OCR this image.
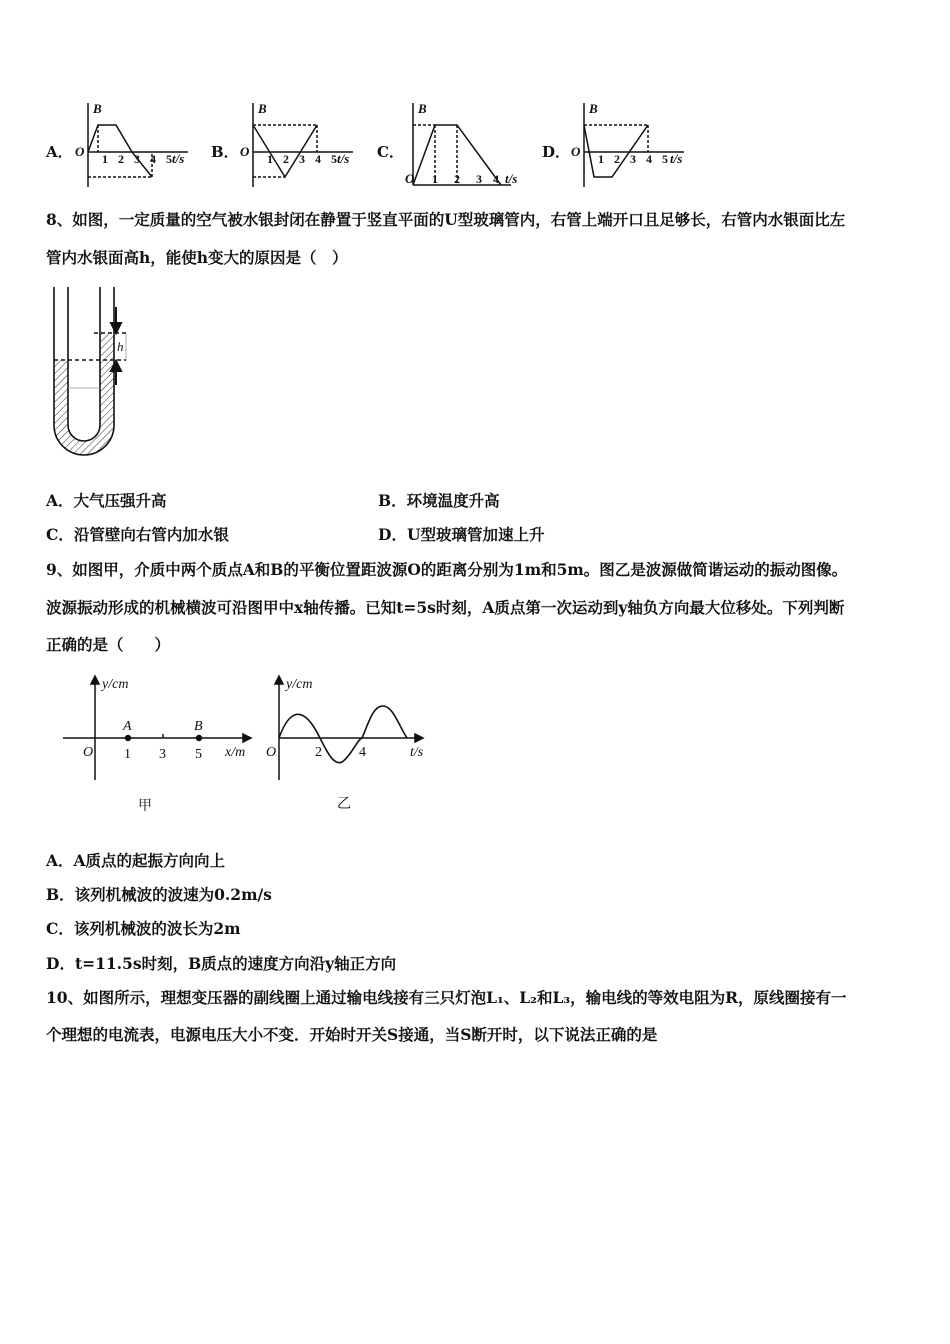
A．	B．	C．	D．
B
O	t/s
B
O	t/s
B
O	t/s
B
O	t/s
1 2 3 4 5	1 2 3 4 5
1 2 3 4
1 2 3 4 5
8、如图，一定质量的空气被水银封闭在静置于竖直平面的U型玻璃管内，右管上端开口且足够长，右管内水银面比左
管内水银面高h，能使h变大的原因是（　）
h
A．大气压强升高	B．环境温度升高
C．沿管壁向右管内加水银	D．U型玻璃管加速上升
9、如图甲，介质中两个质点A和B的平衡位置距波源O的距离分别为1m和5m。图乙是波源做简谐运动的振动图像。
波源振动形成的机械横波可沿图甲中x轴传播。已知t=5s时刻，A质点第一次运动到y轴负方向最大位移处。下列判断
正确的是（　　）
y/cm
O
A	B
1 3 5 x/m
甲
y/cm
O	2	4	t/s
乙
A．A质点的起振方向向上
B．该列机械波的波速为0.2m/s
C．该列机械波的波长为2m
D．t=11.5s时刻，B质点的速度方向沿y轴正方向
10、如图所示，理想变压器的副线圈上通过输电线接有三只灯泡L₁、L₂和L₃，输电线的等效电阻为R，原线圈接有一
个理想的电流表，电源电压大小不变．开始时开关S接通，当S断开时，以下说法正确的是
